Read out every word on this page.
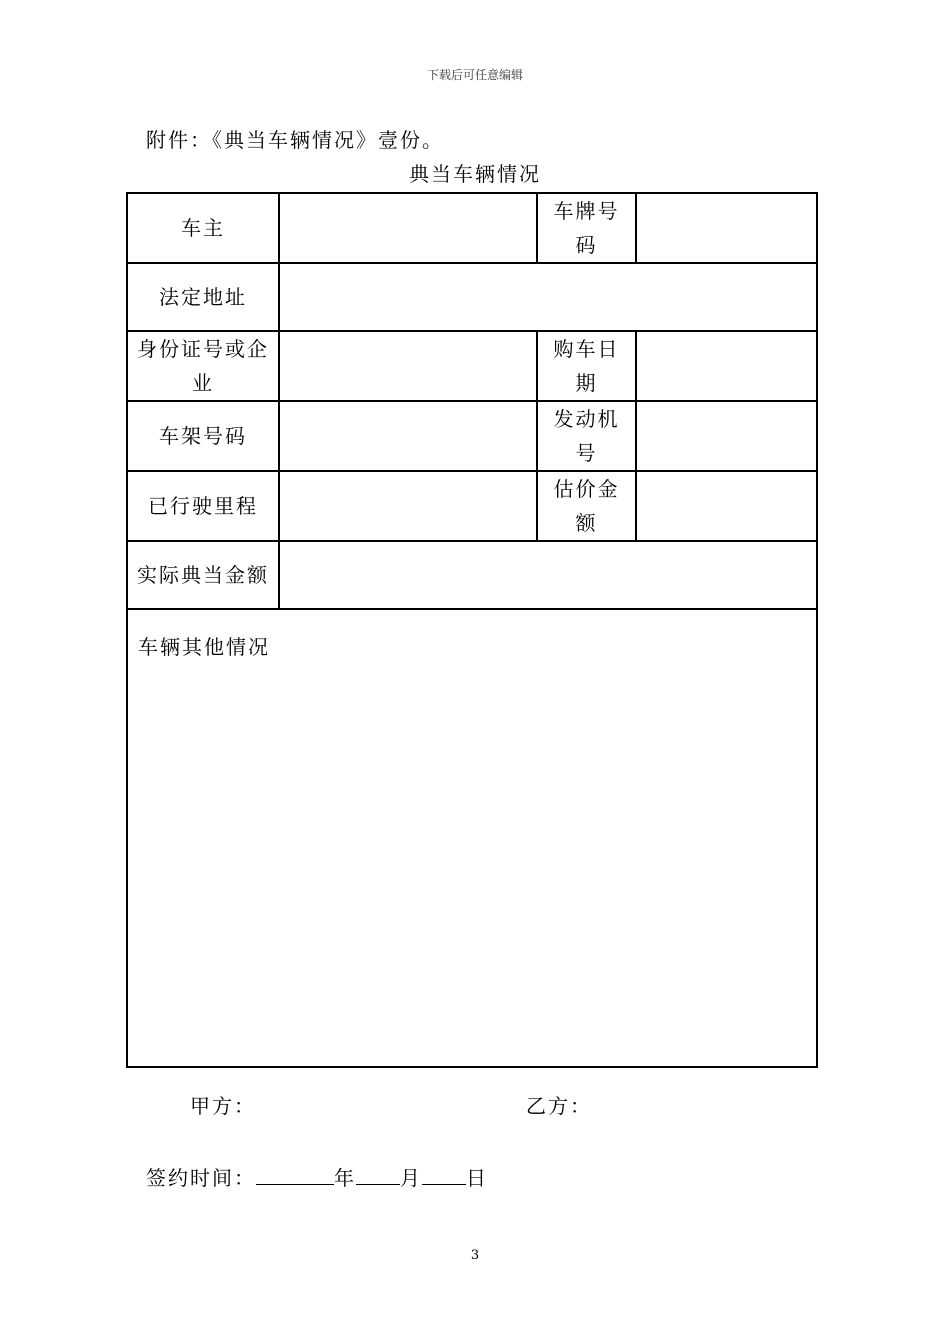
下载后可任意编辑
附件：《典当车辆情况》壹份。
典当车辆情况
车主		车牌号码	
法定地址			
身份证号或企业		购车日期	
车架号码		发动机号	
已行驶里程		估价金额	
实际典当金额			
车辆其他情况			
甲方：	乙方：
签约时间：	年 月 日
3
